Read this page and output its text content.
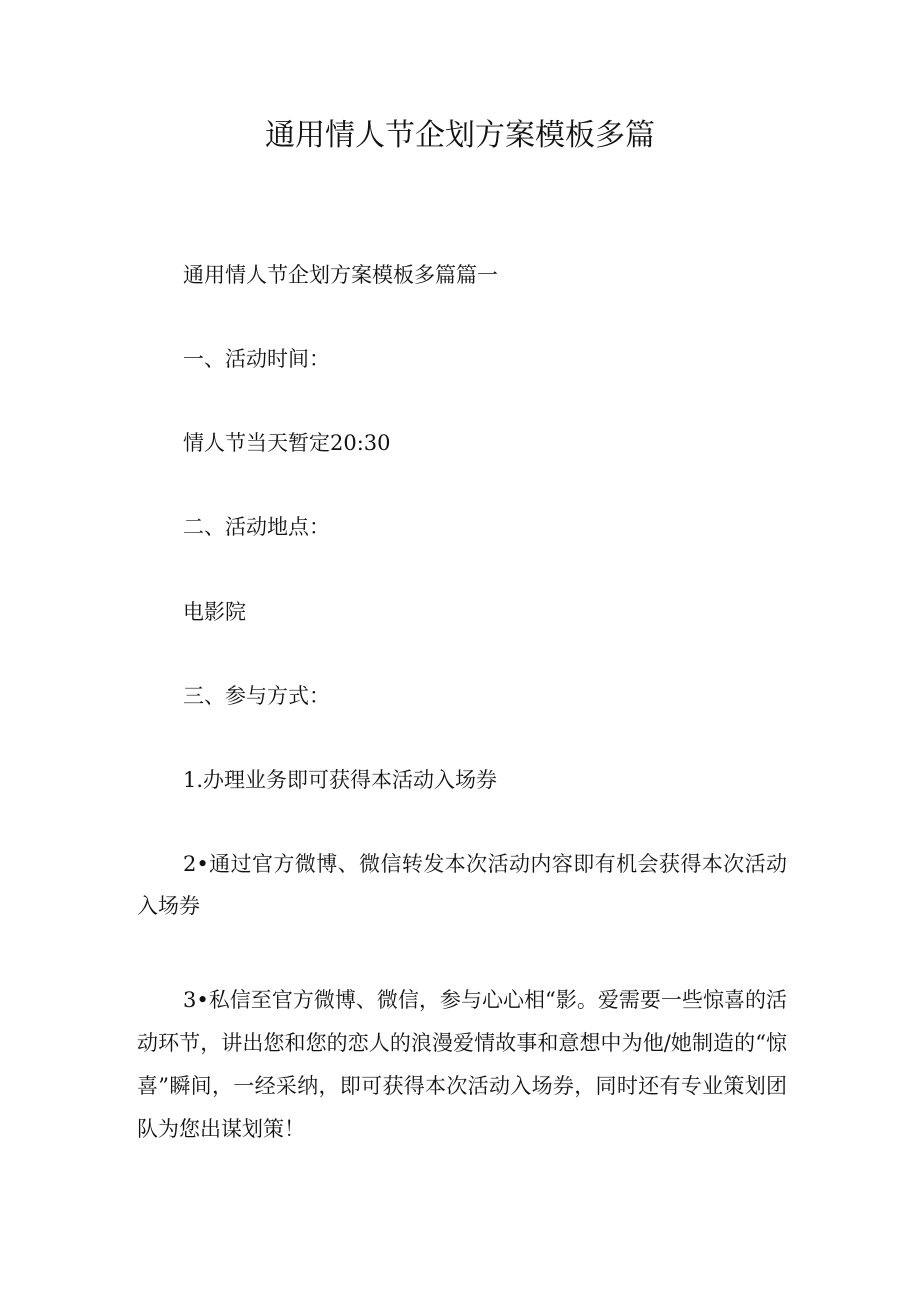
通用情人节企划方案模板多篇

通用情人节企划方案模板多篇篇一

一、活动时间：

情人节当天暂定20:30

二、活动地点：

电影院

三、参与方式：

1.办理业务即可获得本活动入场券

2•通过官方微博、微信转发本次活动内容即有机会获得本次活动入场券

3•私信至官方微博、微信，参与心心相“影。爱需要一些惊喜的活动环节，讲出您和您的恋人的浪漫爱情故事和意想中为他/她制造的“惊喜”瞬间，一经采纳，即可获得本次活动入场券，同时还有专业策划团队为您出谋划策！
